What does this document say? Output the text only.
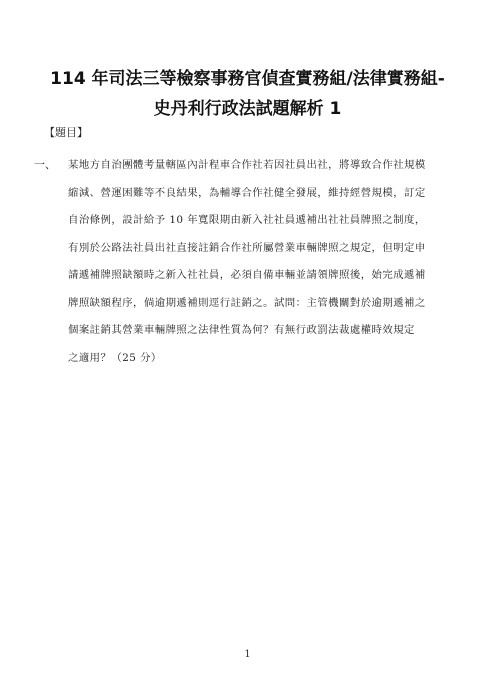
114 年司法三等檢察事務官偵查實務組/法律實務組-
史丹利行政法試題解析 1
【題目】
一、 某地方自治團體考量轄區內計程車合作社若因社員出社，將導致合作社規模
縮減、營運困難等不良結果，為輔導合作社健全發展，維持經營規模，訂定
自治條例，設計給予 10 年寬限期由新入社社員遞補出社社員牌照之制度，
有別於公路法社員出社直接註銷合作社所屬營業車輛牌照之規定，但明定申
請遞補牌照缺額時之新入社社員，必須自備車輛並請領牌照後，始完成遞補
牌照缺額程序，倘逾期遞補則逕行註銷之。試問：主管機關對於逾期遞補之
個案註銷其營業車輛牌照之法律性質為何？有無行政罰法裁處權時效規定
之適用？（25 分）
1
